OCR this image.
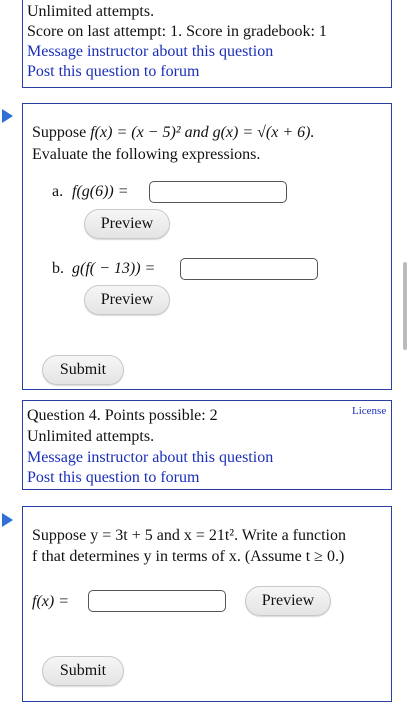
Unlimited attempts.
Score on last attempt: 1. Score in gradebook: 1
Message instructor about this question
Post this question to forum
Suppose f(x) = (x − 5)² and g(x) = √(x + 6).
Evaluate the following expressions.
a. f(g(6)) =
Preview
b. g(f( − 13)) =
Preview
Submit
Question 4. Points possible: 2	License
Unlimited attempts.
Message instructor about this question
Post this question to forum
Suppose y = 3t + 5 and x = 21t². Write a function
f that determines y in terms of x. (Assume t ≥ 0.)
f(x) =	Preview
Submit
